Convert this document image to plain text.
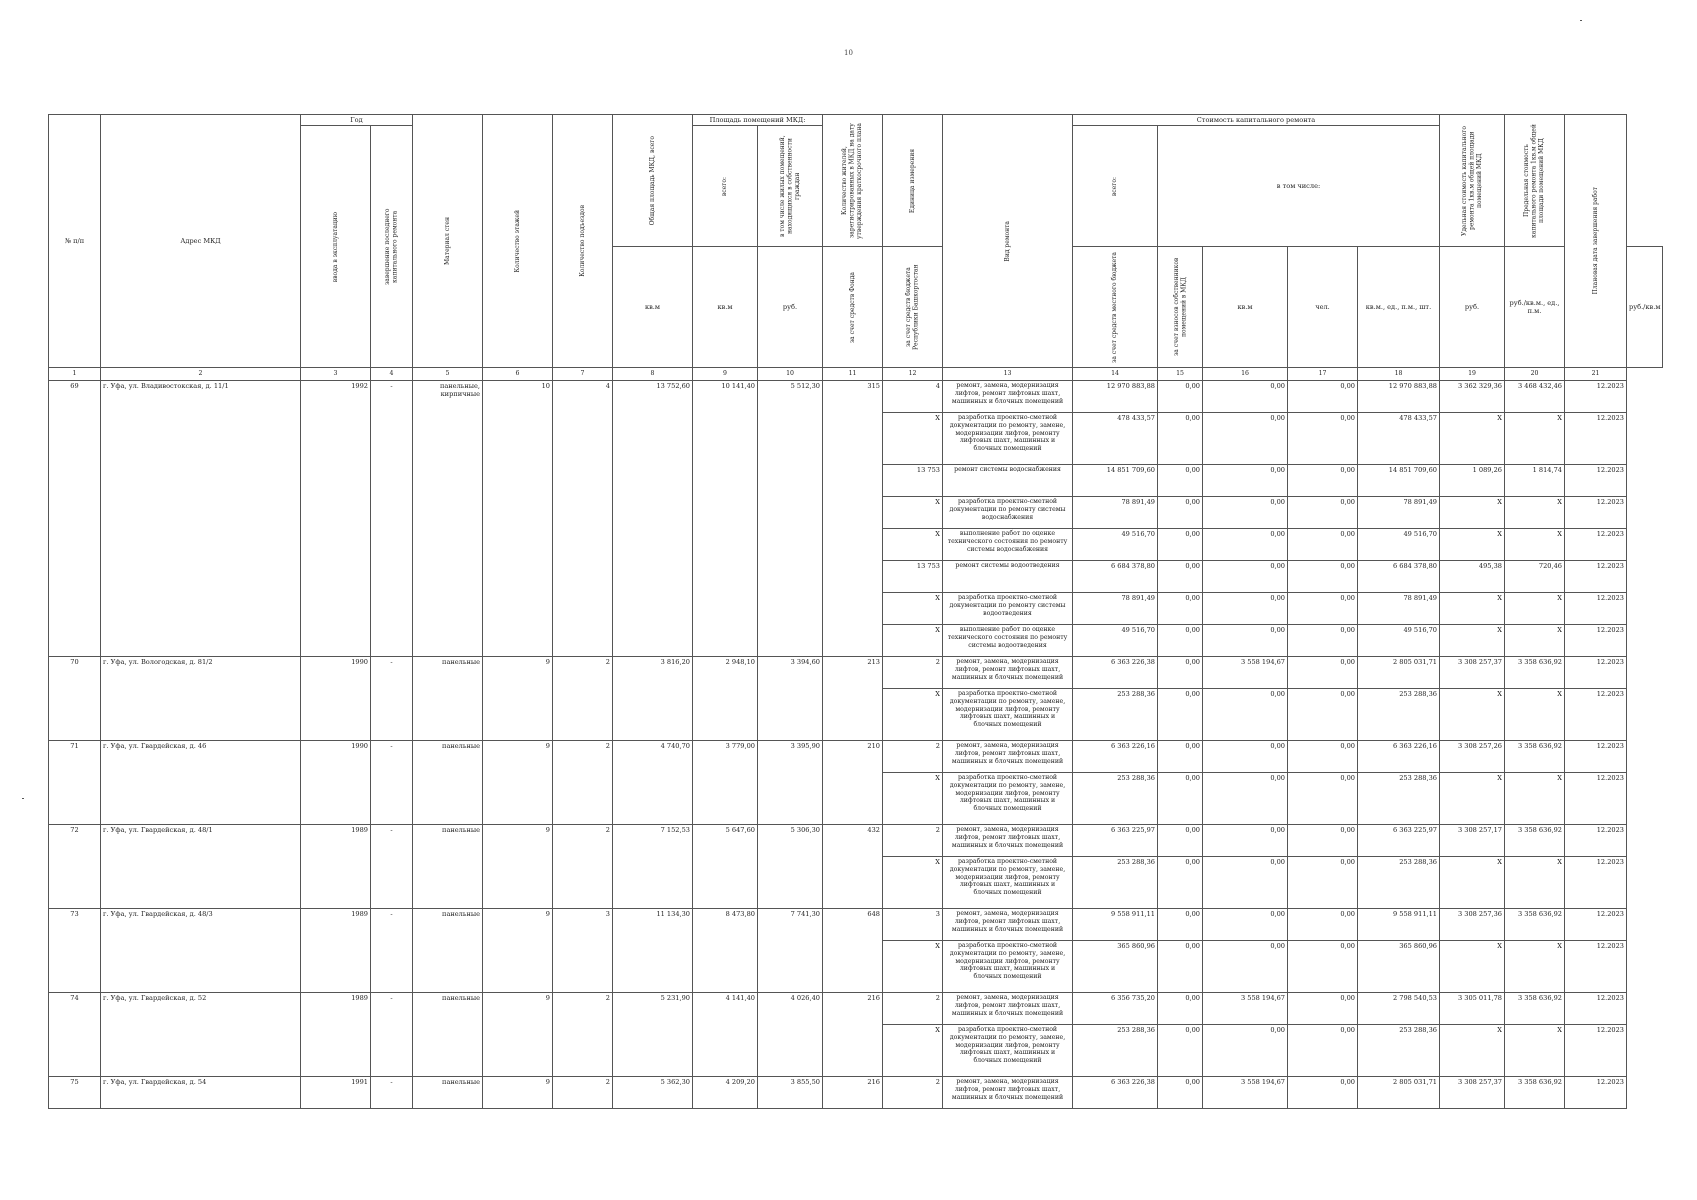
10
№ п/п	Адрес МКД	Год		Материал стен	Количество этажей	Количество подъездов	Общая площадь МКД, всего	Площадь помещений МКД:		Количество жителей, зарегистрированных в МКД на дату утверждения краткосрочного плана	Единица измерения	Вид ремонта	Стоимость капитального ремонта					Удельная стоимость капитального ремонта 1кв.м общей площади помещений МКД	Предельная стоимость капитального ремонта 1кв.м общей площади помещений МКД	Плановая дата завершения работ	

		ввода в эксплуатацию	завершение последнего капитального ремонта					всего:	в том числе жилых помещений, находящихся в собственности граждан				всего:	в том числе:							
							кв.м	кв.м	руб.	за счет средств Фонда	за счет средств бюджета Республики Башкортостан		за счет средств местного бюджета	за счет взносов собственников помещений в МКД	кв.м	чел.	кв.м., ед., п.м., шт.	руб.	руб./кв.м., ед., п.м.		руб./кв.м
1	2	3	4	5	6	7	8	9	10	11	12	13	14	15	16	17	18	19	20	21	
69	г. Уфа, ул. Владивостокская, д. 11/1	1992	-	панельные, кирпичные	10	4	13 752,60	10 141,40	5 512,30	315	4	ремонт, замена, модернизация лифтов, ремонт лифтовых шахт, машинных и блочных помещений	12 970 883,88	0,00	0,00	0,00	12 970 883,88	3 362 329,36	3 468 432,46	12.2023	
											X	разработка проектно-сметной документации по ремонту, замене, модернизации лифтов, ремонту лифтовых шахт, машинных и блочных помещений	478 433,57	0,00	0,00	0,00	478 433,57	X	X	12.2023	
											13 753	ремонт системы водоснабжения	14 851 709,60	0,00	0,00	0,00	14 851 709,60	1 089,26	1 814,74	12.2023	
											X	разработка проектно-сметной документации по ремонту системы водоснабжения	78 891,49	0,00	0,00	0,00	78 891,49	X	X	12.2023	
											X	выполнение работ по оценке технического состояния по ремонту системы водоснабжения	49 516,70	0,00	0,00	0,00	49 516,70	X	X	12.2023	
											13 753	ремонт системы водоотведения	6 684 378,80	0,00	0,00	0,00	6 684 378,80	495,38	720,46	12.2023	
											X	разработка проектно-сметной документации по ремонту системы водоотведения	78 891,49	0,00	0,00	0,00	78 891,49	X	X	12.2023	
											X	выполнение работ по оценке технического состояния по ремонту системы водоотведения	49 516,70	0,00	0,00	0,00	49 516,70	X	X	12.2023	
70	г. Уфа, ул. Вологодская, д. 81/2	1990	-	панельные	9	2	3 816,20	2 948,10	3 394,60	213	2	ремонт, замена, модернизация лифтов, ремонт лифтовых шахт, машинных и блочных помещений	6 363 226,38	0,00	3 558 194,67	0,00	2 805 031,71	3 308 257,37	3 358 636,92	12.2023	
											X	разработка проектно-сметной документации по ремонту, замене, модернизации лифтов, ремонту лифтовых шахт, машинных и блочных помещений	253 288,36	0,00	0,00	0,00	253 288,36	X	X	12.2023	
71	г. Уфа, ул. Гвардейская, д. 46	1990	-	панельные	9	2	4 740,70	3 779,00	3 395,90	210	2	ремонт, замена, модернизация лифтов, ремонт лифтовых шахт, машинных и блочных помещений	6 363 226,16	0,00	0,00	0,00	6 363 226,16	3 308 257,26	3 358 636,92	12.2023	
											X	разработка проектно-сметной документации по ремонту, замене, модернизации лифтов, ремонту лифтовых шахт, машинных и блочных помещений	253 288,36	0,00	0,00	0,00	253 288,36	X	X	12.2023	
72	г. Уфа, ул. Гвардейская, д. 48/1	1989	-	панельные	9	2	7 152,53	5 647,60	5 306,30	432	2	ремонт, замена, модернизация лифтов, ремонт лифтовых шахт, машинных и блочных помещений	6 363 225,97	0,00	0,00	0,00	6 363 225,97	3 308 257,17	3 358 636,92	12.2023	
											X	разработка проектно-сметной документации по ремонту, замене, модернизации лифтов, ремонту лифтовых шахт, машинных и блочных помещений	253 288,36	0,00	0,00	0,00	253 288,36	X	X	12.2023	
73	г. Уфа, ул. Гвардейская, д. 48/3	1989	-	панельные	9	3	11 134,30	8 473,80	7 741,30	648	3	ремонт, замена, модернизация лифтов, ремонт лифтовых шахт, машинных и блочных помещений	9 558 911,11	0,00	0,00	0,00	9 558 911,11	3 308 257,36	3 358 636,92	12.2023	
											X	разработка проектно-сметной документации по ремонту, замене, модернизации лифтов, ремонту лифтовых шахт, машинных и блочных помещений	365 860,96	0,00	0,00	0,00	365 860,96	X	X	12.2023	
74	г. Уфа, ул. Гвардейская, д. 52	1989	-	панельные	9	2	5 231,90	4 141,40	4 026,40	216	2	ремонт, замена, модернизация лифтов, ремонт лифтовых шахт, машинных и блочных помещений	6 356 735,20	0,00	3 558 194,67	0,00	2 798 540,53	3 305 011,78	3 358 636,92	12.2023	
											X	разработка проектно-сметной документации по ремонту, замене, модернизации лифтов, ремонту лифтовых шахт, машинных и блочных помещений	253 288,36	0,00	0,00	0,00	253 288,36	X	X	12.2023	
75	г. Уфа, ул. Гвардейская, д. 54	1991	-	панельные	9	2	5 362,30	4 209,20	3 855,50	216	2	ремонт, замена, модернизация лифтов, ремонт лифтовых шахт, машинных и блочных помещений	6 363 226,38	0,00	3 558 194,67	0,00	2 805 031,71	3 308 257,37	3 358 636,92	12.2023	
